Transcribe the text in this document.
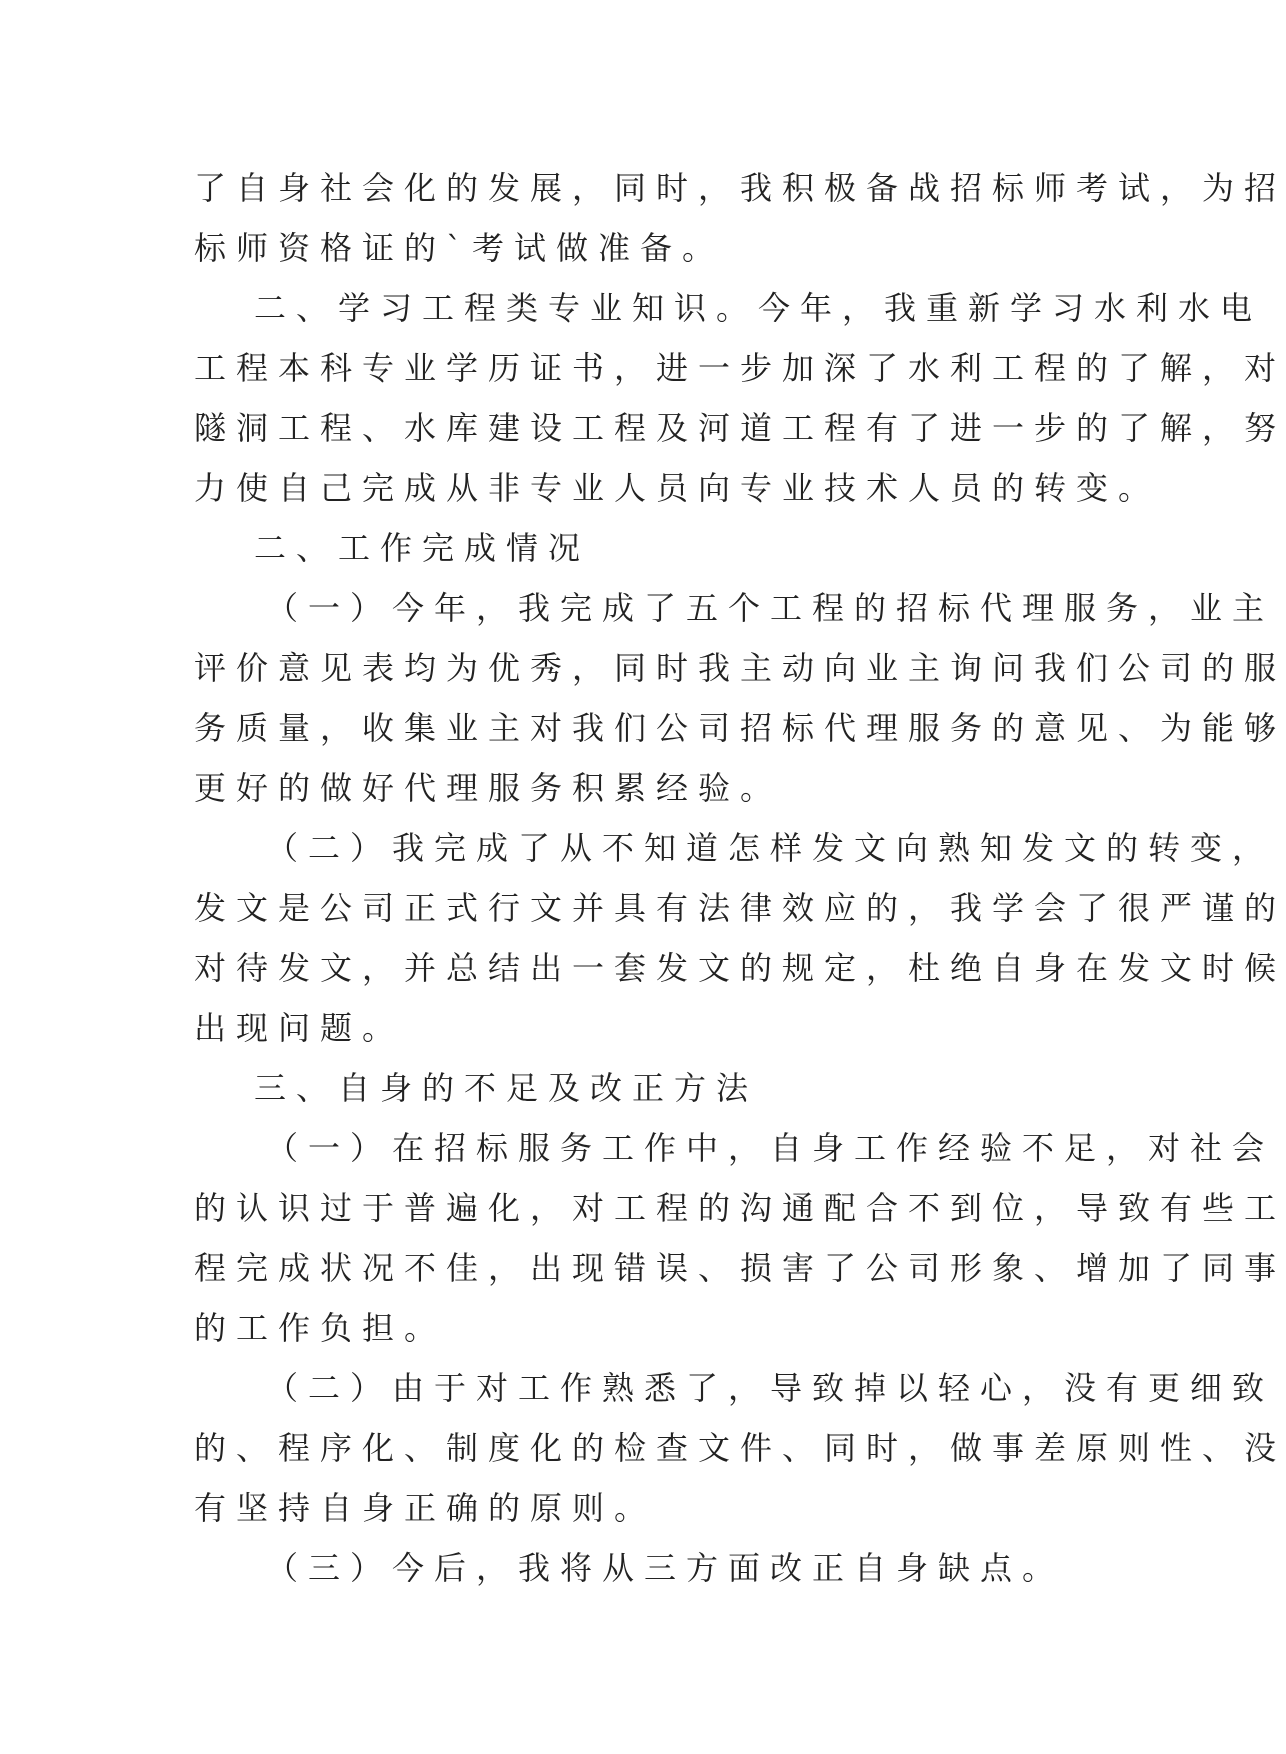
了自身社会化的发展，同时，我积极备战招标师考试，为招
标师资格证的`考试做准备。
二、学习工程类专业知识。今年，我重新学习水利水电
工程本科专业学历证书，进一步加深了水利工程的了解，对
隧洞工程、水库建设工程及河道工程有了进一步的了解，努
力使自己完成从非专业人员向专业技术人员的转变。
二、工作完成情况
（一）今年，我完成了五个工程的招标代理服务，业主
评价意见表均为优秀，同时我主动向业主询问我们公司的服
务质量，收集业主对我们公司招标代理服务的意见、为能够
更好的做好代理服务积累经验。
（二）我完成了从不知道怎样发文向熟知发文的转变，
发文是公司正式行文并具有法律效应的，我学会了很严谨的
对待发文，并总结出一套发文的规定，杜绝自身在发文时候
出现问题。
三、自身的不足及改正方法
（一）在招标服务工作中，自身工作经验不足，对社会
的认识过于普遍化，对工程的沟通配合不到位，导致有些工
程完成状况不佳，出现错误、损害了公司形象、增加了同事
的工作负担。
（二）由于对工作熟悉了，导致掉以轻心，没有更细致
的、程序化、制度化的检查文件、同时，做事差原则性、没
有坚持自身正确的原则。
（三）今后，我将从三方面改正自身缺点。
